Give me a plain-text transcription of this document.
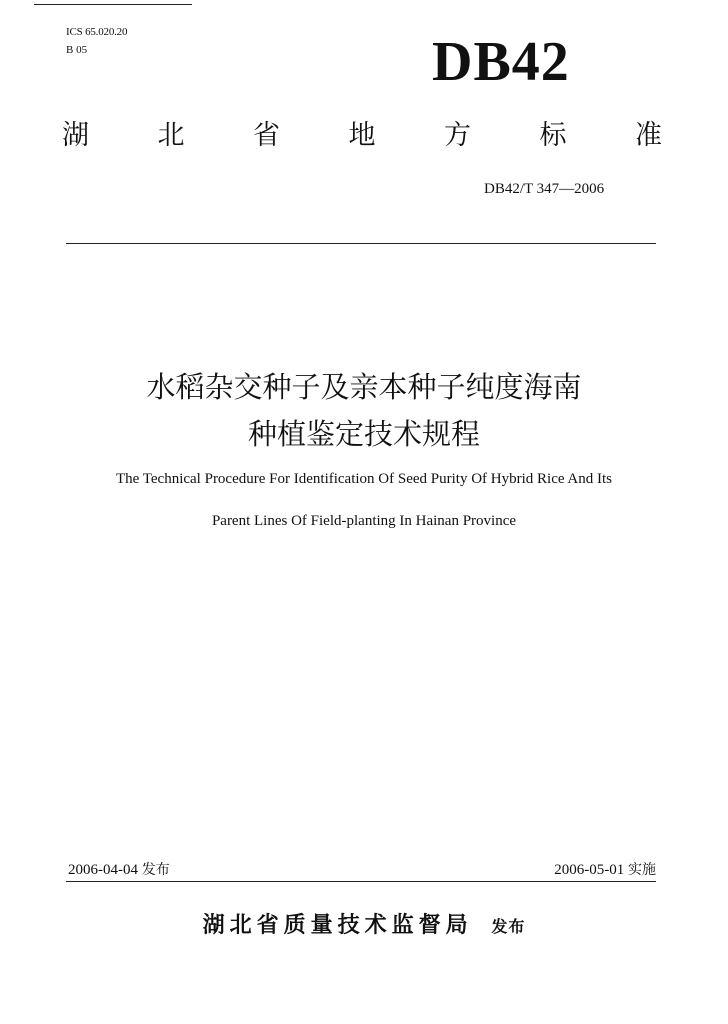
ICS 65.020.20
B 05	DB42
湖	北	省	地	方	标	准
DB42/T 347—2006
水稻杂交种子及亲本种子纯度海南
种植鉴定技术规程
The Technical Procedure For Identification Of Seed Purity Of Hybrid Rice And Its
Parent Lines Of Field-planting In Hainan Province
2006-04-04 发布	2006-05-01 实施
湖北省质量技术监督局 发布
